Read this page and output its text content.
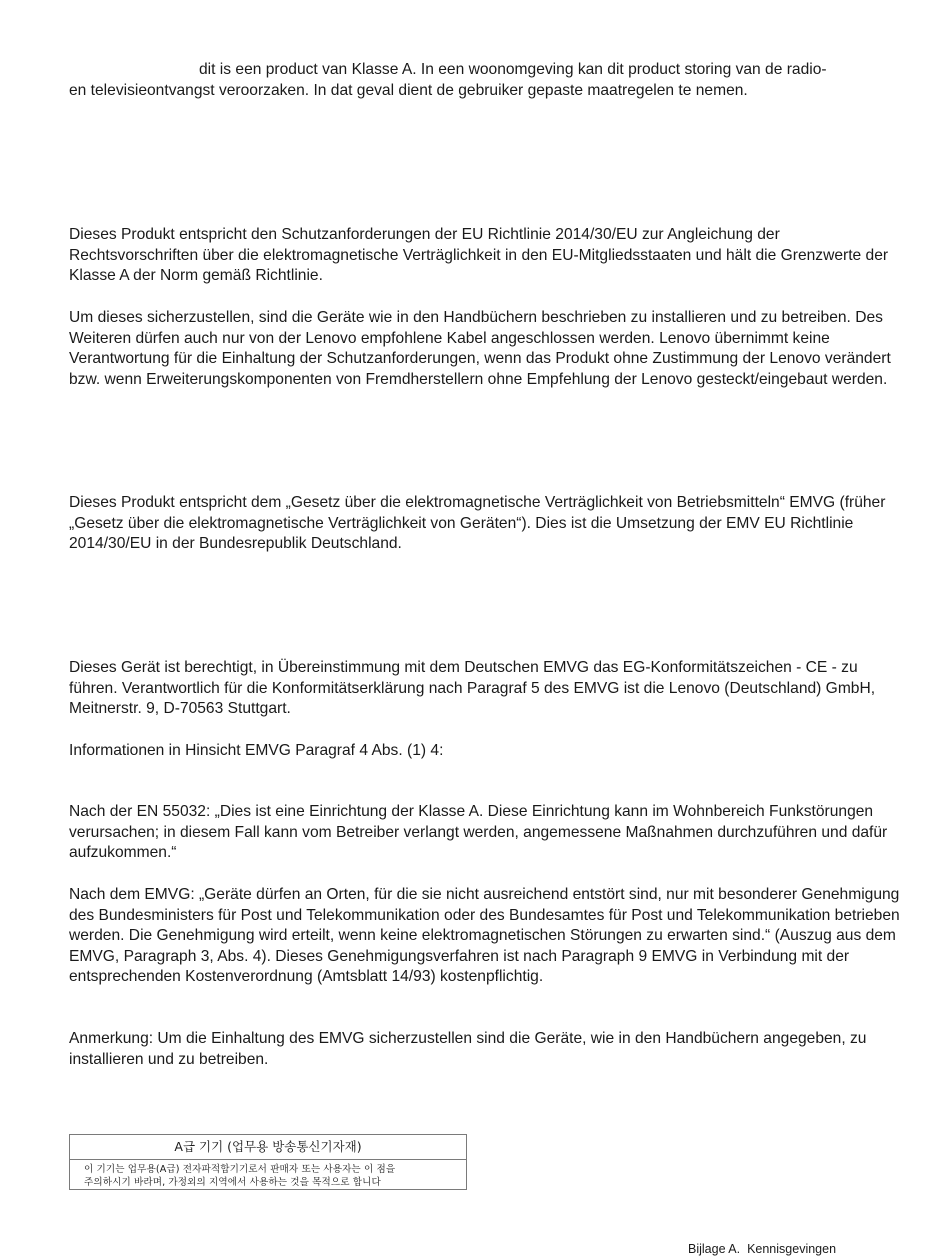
dit is een product van Klasse A. In een woonomgeving kan dit product storing van de radio-
en televisieontvangst veroorzaken. In dat geval dient de gebruiker gepaste maatregelen te nemen.

Dieses Produkt entspricht den Schutzanforderungen der EU Richtlinie 2014/30/EU zur Angleichung der Rechtsvorschriften über die elektromagnetische Verträglichkeit in den EU-Mitgliedsstaaten und hält die Grenzwerte der Klasse A der Norm gemäß Richtlinie.

Um dieses sicherzustellen, sind die Geräte wie in den Handbüchern beschrieben zu installieren und zu betreiben. Des Weiteren dürfen auch nur von der Lenovo empfohlene Kabel angeschlossen werden. Lenovo übernimmt keine Verantwortung für die Einhaltung der Schutzanforderungen, wenn das Produkt ohne Zustimmung der Lenovo verändert bzw. wenn Erweiterungskomponenten von Fremdherstellern ohne Empfehlung der Lenovo gesteckt/eingebaut werden.

Dieses Produkt entspricht dem „Gesetz über die elektromagnetische Verträglichkeit von Betriebsmitteln“ EMVG (früher „Gesetz über die elektromagnetische Verträglichkeit von Geräten“). Dies ist die Umsetzung der EMV EU Richtlinie 2014/30/EU in der Bundesrepublik Deutschland.

Dieses Gerät ist berechtigt, in Übereinstimmung mit dem Deutschen EMVG das EG-Konformitätszeichen - CE - zu führen. Verantwortlich für die Konformitätserklärung nach Paragraf 5 des EMVG ist die Lenovo (Deutschland) GmbH, Meitnerstr. 9, D-70563 Stuttgart.

Informationen in Hinsicht EMVG Paragraf 4 Abs. (1) 4:

Nach der EN 55032: „Dies ist eine Einrichtung der Klasse A. Diese Einrichtung kann im Wohnbereich Funkstörungen verursachen; in diesem Fall kann vom Betreiber verlangt werden, angemessene Maßnahmen durchzuführen und dafür aufzukommen.“

Nach dem EMVG: „Geräte dürfen an Orten, für die sie nicht ausreichend entstört sind, nur mit besonderer Genehmigung des Bundesministers für Post und Telekommunikation oder des Bundesamtes für Post und Telekommunikation betrieben werden. Die Genehmigung wird erteilt, wenn keine elektromagnetischen Störungen zu erwarten sind.“ (Auszug aus dem EMVG, Paragraph 3, Abs. 4). Dieses Genehmigungsverfahren ist nach Paragraph 9 EMVG in Verbindung mit der entsprechenden Kostenverordnung (Amtsblatt 14/93) kostenpflichtig.

Anmerkung: Um die Einhaltung des EMVG sicherzustellen sind die Geräte, wie in den Handbüchern angegeben, zu installieren und zu betreiben.

A급 기기 (업무용 방송통신기자재)
이 기기는 업무용(A급) 전자파적합기기로서 판매자 또는 사용자는 이 점을
주의하시기 바라며, 가정외의 지역에서 사용하는 것을 목적으로 합니다
Bijlage A.  Kennisgevingen
